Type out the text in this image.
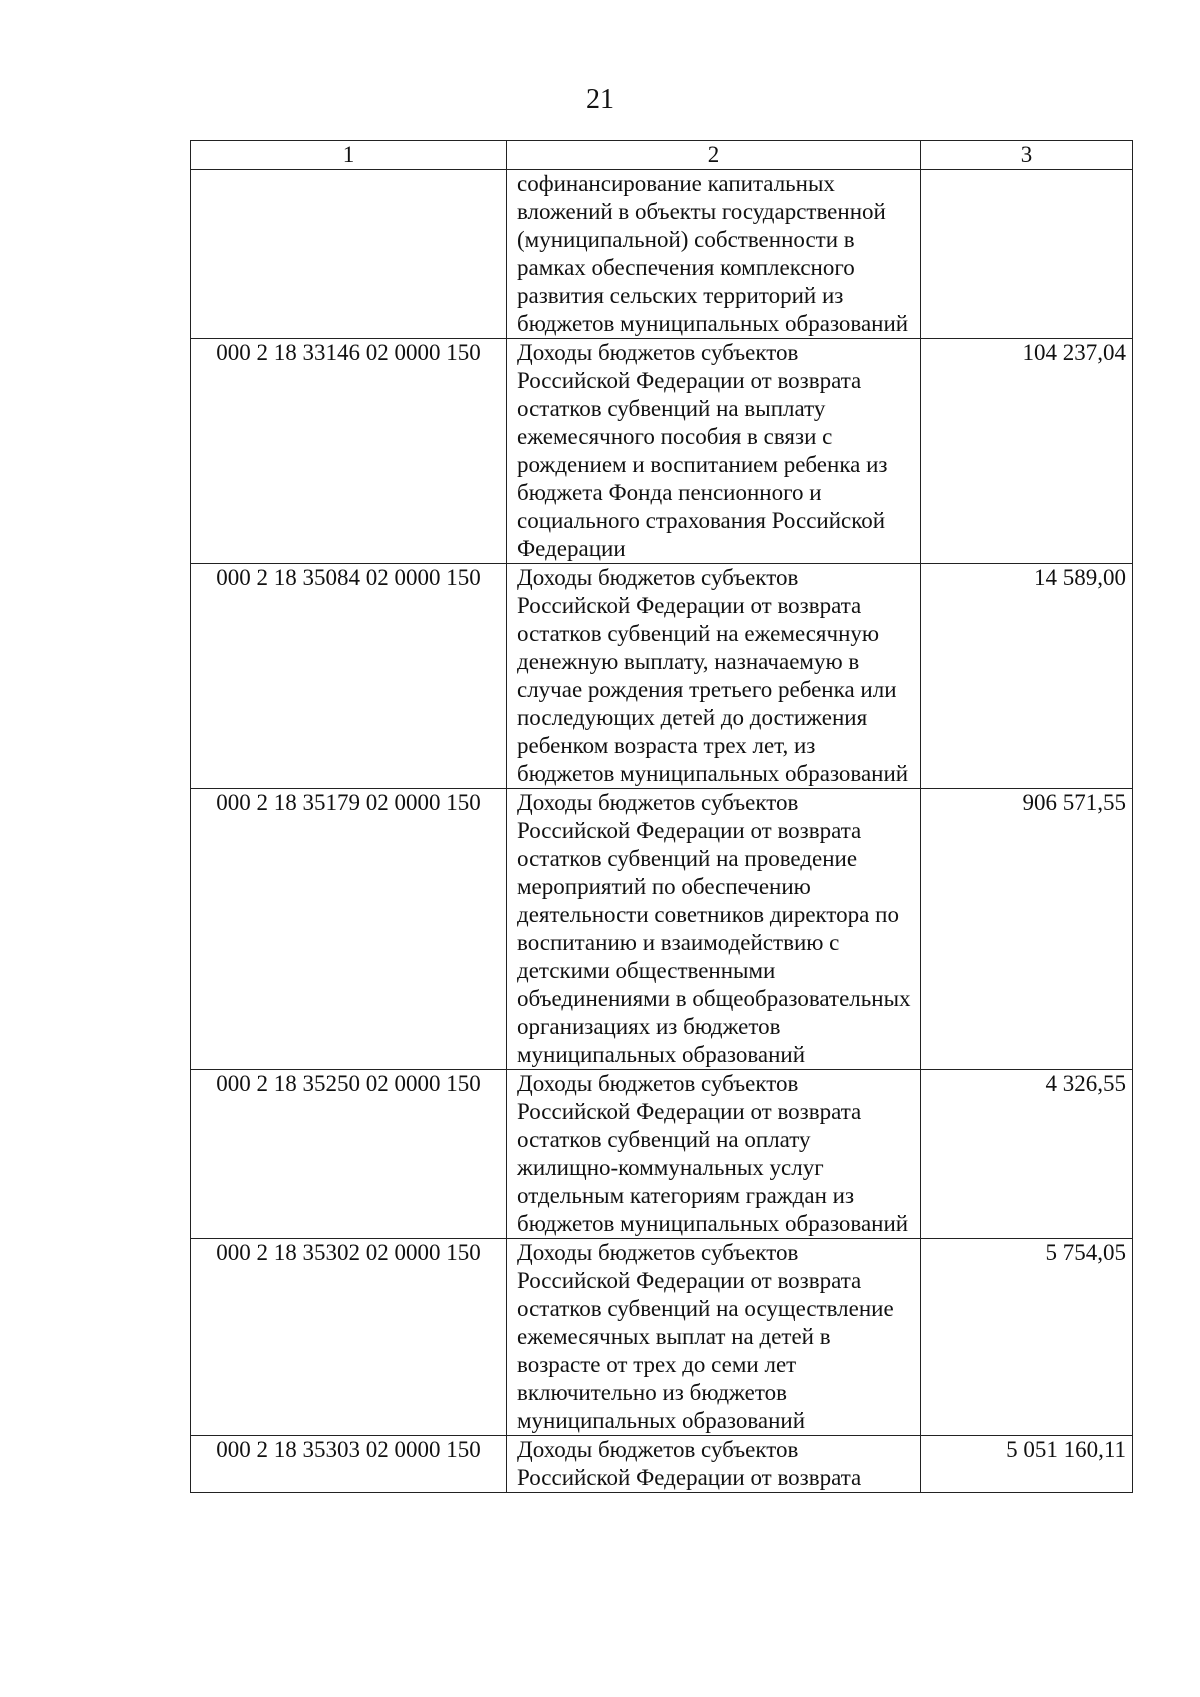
21
1	2	3
	софинансирование капитальных вложений в объекты государственной (муниципальной) собственности в рамках обеспечения комплексного развития сельских территорий из бюджетов муниципальных образований	
000 2 18 33146 02 0000 150	Доходы бюджетов субъектов Российской Федерации от возврата остатков субвенций на выплату ежемесячного пособия в связи с рождением и воспитанием ребенка из бюджета Фонда пенсионного и социального страхования Российской Федерации	104 237,04
000 2 18 35084 02 0000 150	Доходы бюджетов субъектов Российской Федерации от возврата остатков субвенций на ежемесячную денежную выплату, назначаемую в случае рождения третьего ребенка или последующих детей до достижения ребенком возраста трех лет, из бюджетов муниципальных образований	14 589,00
000 2 18 35179 02 0000 150	Доходы бюджетов субъектов Российской Федерации от возврата остатков субвенций на проведение мероприятий по обеспечению деятельности советников директора по воспитанию и взаимодействию с детскими общественными объединениями в общеобразовательных организациях из бюджетов муниципальных образований	906 571,55
000 2 18 35250 02 0000 150	Доходы бюджетов субъектов Российской Федерации от возврата остатков субвенций на оплату жилищно-коммунальных услуг отдельным категориям граждан из бюджетов муниципальных образований	4 326,55
000 2 18 35302 02 0000 150	Доходы бюджетов субъектов Российской Федерации от возврата остатков субвенций на осуществление ежемесячных выплат на детей в возрасте от трех до семи лет включительно из бюджетов муниципальных образований	5 754,05
000 2 18 35303 02 0000 150	Доходы бюджетов субъектов Российской Федерации от возврата	5 051 160,11
